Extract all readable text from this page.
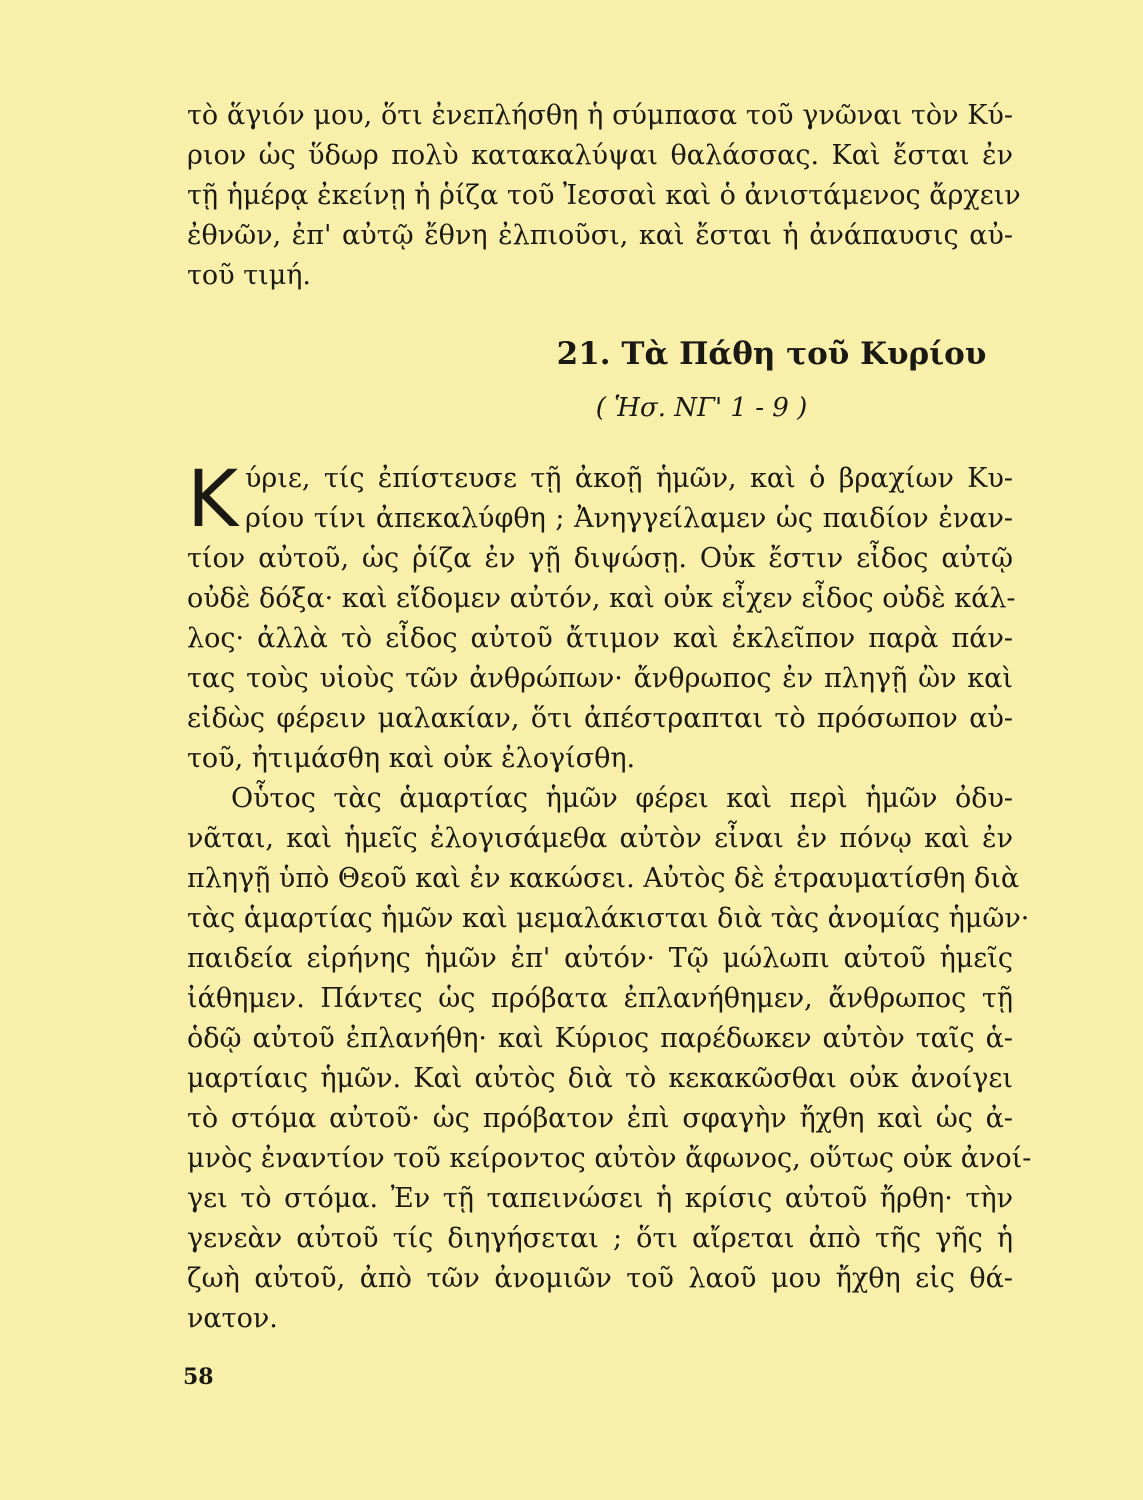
τὸ ἅγιόν μου, ὅτι ἐνεπλήσθη ἡ σύμπασα τοῦ γνῶναι τὸν Κύ-
ριον ὡς ὕδωρ πολὺ κατακαλύψαι θαλάσσας. Καὶ ἔσται ἐν
τῇ ἡμέρᾳ ἐκείνῃ ἡ ῥίζα τοῦ Ἰεσσαὶ καὶ ὁ ἀνιστάμενος ἄρχειν
ἐθνῶν, ἐπ' αὐτῷ ἔθνη ἐλπιοῦσι, καὶ ἔσται ἡ ἀνάπαυσις αὐ-
τοῦ τιμή.
21. Τὰ Πάθη τοῦ Κυρίου
( Ἡσ. ΝΓ' 1 - 9 )
Κ ύριε, τίς ἐπίστευσε τῇ ἀκοῇ ἡμῶν, καὶ ὁ βραχίων Κυ-
ρίου τίνι ἀπεκαλύφθη ; Ἀνηγγείλαμεν ὡς παιδίον ἐναν-
τίον αὐτοῦ, ὡς ῥίζα ἐν γῇ διψώσῃ. Οὐκ ἔστιν εἶδος αὐτῷ
οὐδὲ δόξα· καὶ εἴδομεν αὐτόν, καὶ οὐκ εἶχεν εἶδος οὐδὲ κάλ-
λος· ἀλλὰ τὸ εἶδος αὐτοῦ ἄτιμον καὶ ἐκλεῖπον παρὰ πάν-
τας τοὺς υἱοὺς τῶν ἀνθρώπων· ἄνθρωπος ἐν πληγῇ ὢν καὶ
εἰδὼς φέρειν μαλακίαν, ὅτι ἀπέστραπται τὸ πρόσωπον αὐ-
τοῦ, ἠτιμάσθη καὶ οὐκ ἐλογίσθη.
Οὗτος τὰς ἁμαρτίας ἡμῶν φέρει καὶ περὶ ἡμῶν ὀδυ-
νᾶται, καὶ ἡμεῖς ἐλογισάμεθα αὐτὸν εἶναι ἐν πόνῳ καὶ ἐν
πληγῇ ὑπὸ Θεοῦ καὶ ἐν κακώσει. Αὐτὸς δὲ ἐτραυματίσθη διὰ
τὰς ἁμαρτίας ἡμῶν καὶ μεμαλάκισται διὰ τὰς ἀνομίας ἡμῶν·
παιδεία εἰρήνης ἡμῶν ἐπ' αὐτόν· Τῷ μώλωπι αὐτοῦ ἡμεῖς
ἰάθημεν. Πάντες ὡς πρόβατα ἐπλανήθημεν, ἄνθρωπος τῇ
ὁδῷ αὐτοῦ ἐπλανήθη· καὶ Κύριος παρέδωκεν αὐτὸν ταῖς ἁ-
μαρτίαις ἡμῶν. Καὶ αὐτὸς διὰ τὸ κεκακῶσθαι οὐκ ἀνοίγει
τὸ στόμα αὐτοῦ· ὡς πρόβατον ἐπὶ σφαγὴν ἤχθη καὶ ὡς ἀ-
μνὸς ἐναντίον τοῦ κείροντος αὐτὸν ἄφωνος, οὕτως οὐκ ἀνοί-
γει τὸ στόμα. Ἐν τῇ ταπεινώσει ἡ κρίσις αὐτοῦ ἤρθη· τὴν
γενεὰν αὐτοῦ τίς διηγήσεται ; ὅτι αἴρεται ἀπὸ τῆς γῆς ἡ
ζωὴ αὐτοῦ, ἀπὸ τῶν ἀνομιῶν τοῦ λαοῦ μου ἤχθη εἰς θά-
νατον.
58
